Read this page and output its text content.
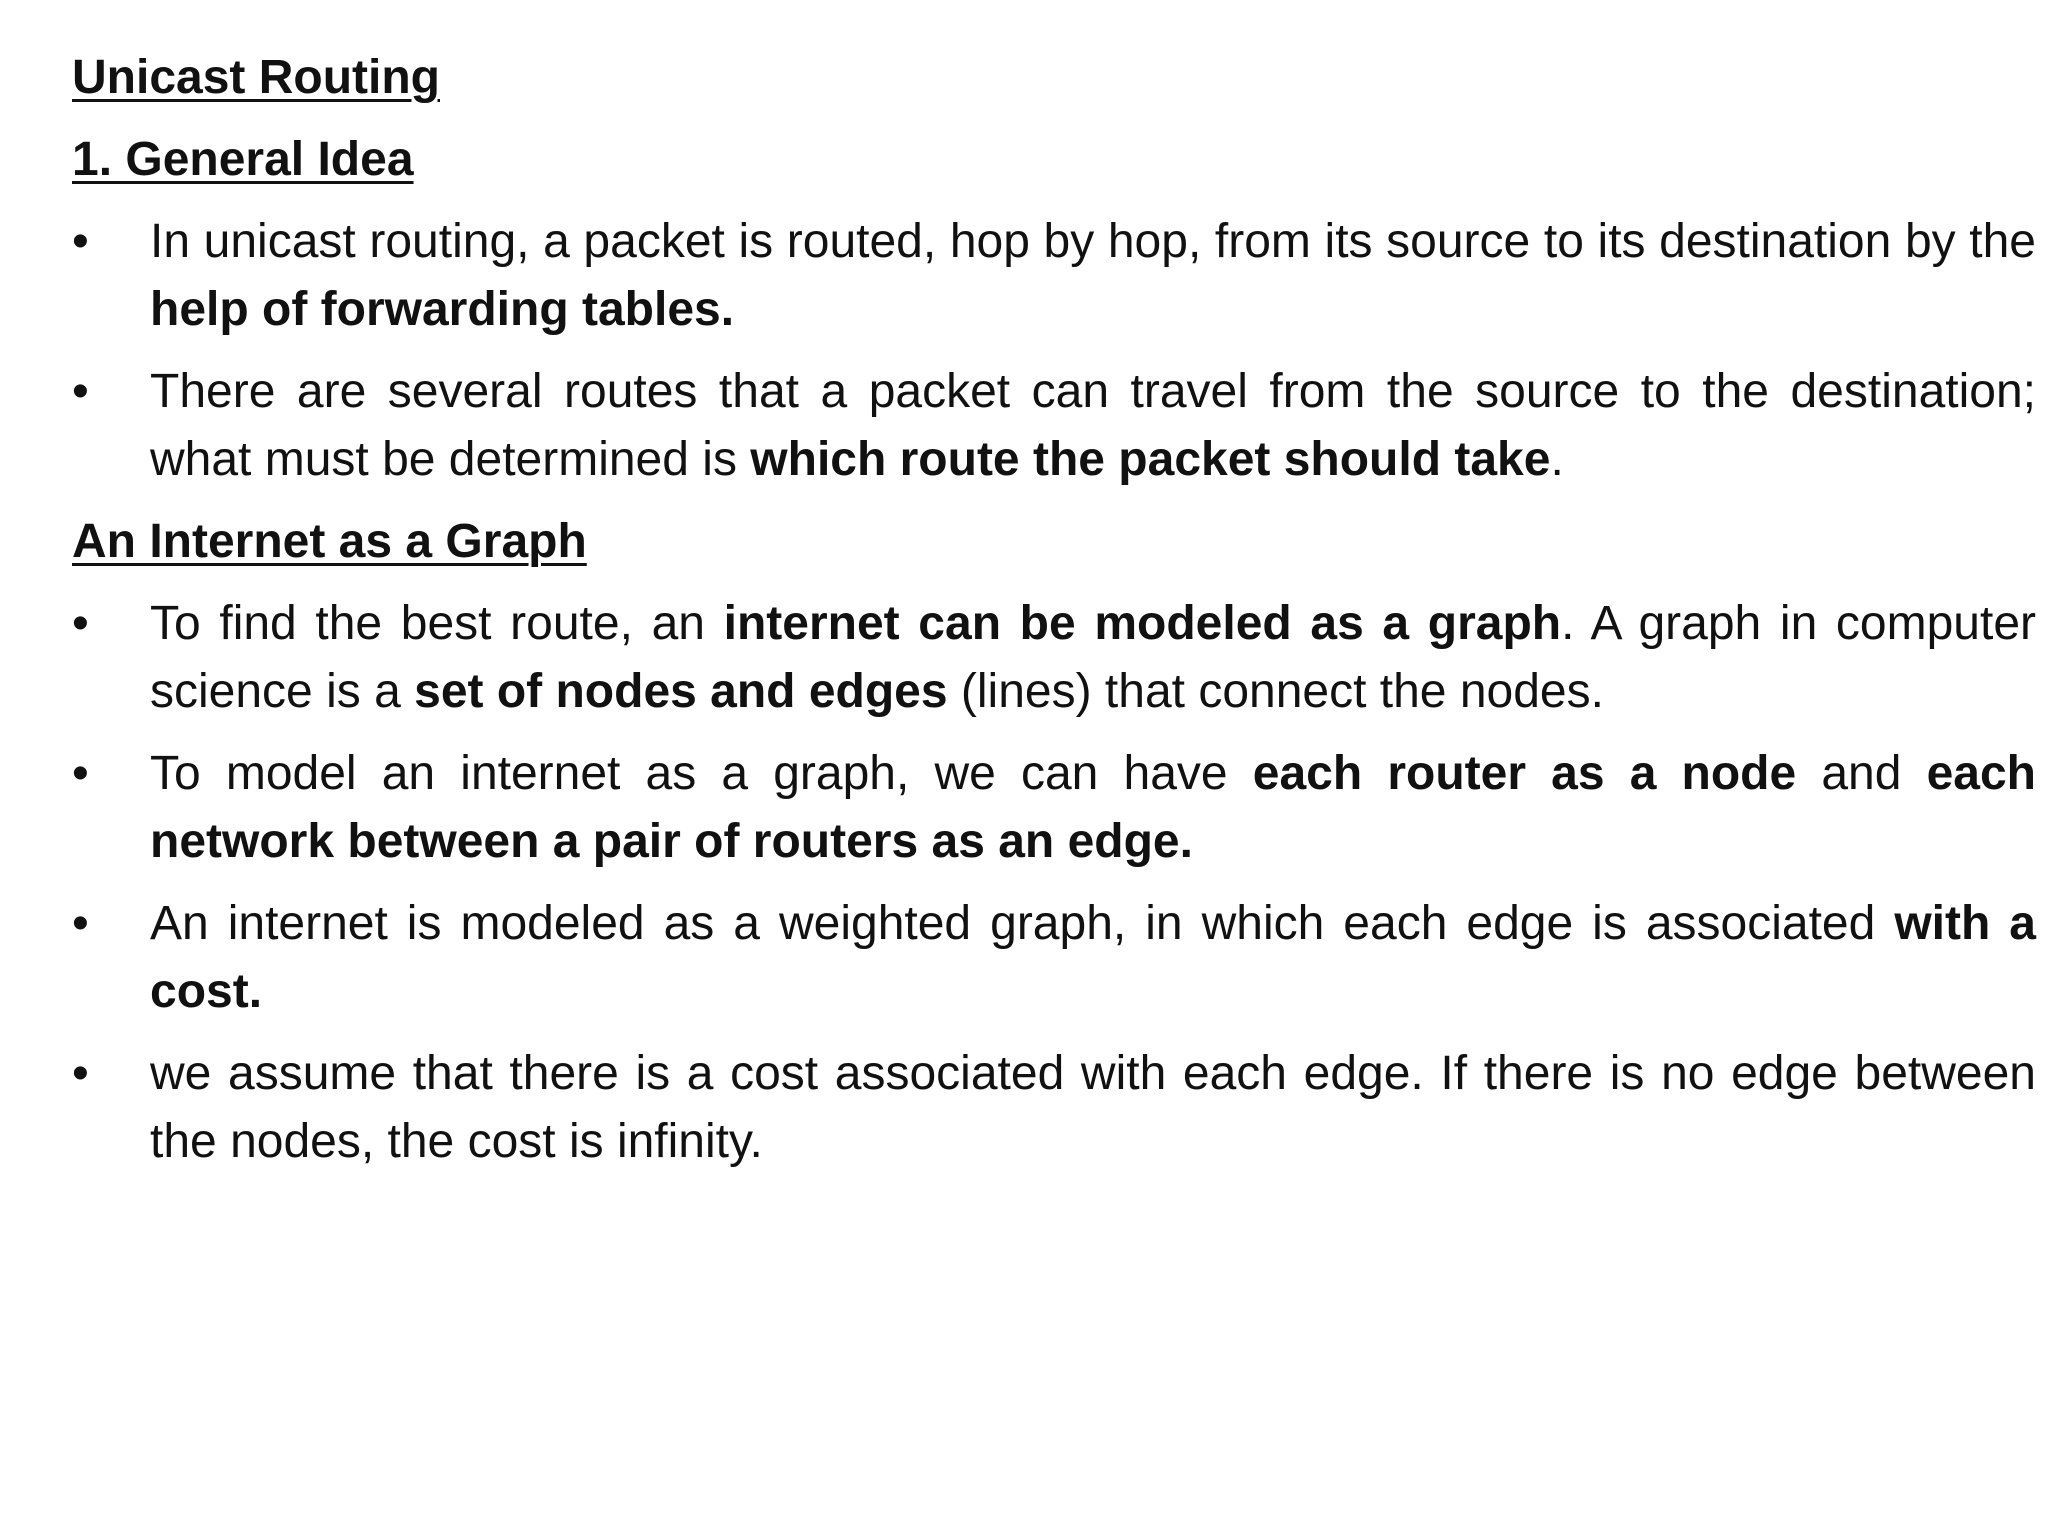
Unicast Routing
1. General Idea
•	In unicast routing, a packet is routed, hop by hop, from its source to its destination by the help of forwarding tables.
•	There are several routes that a packet can travel from the source to the destination; what must be determined is which route the packet should take.
An Internet as a Graph
•	To find the best route, an internet can be modeled as a graph. A graph in computer science is a set of nodes and edges (lines) that connect the nodes.
•	To model an internet as a graph, we can have each router as a node and each network between a pair of routers as an edge.
•	An internet is modeled as a weighted graph, in which each edge is associated with a cost.
•	we assume that there is a cost associated with each edge. If there is no edge between the nodes, the cost is infinity.
